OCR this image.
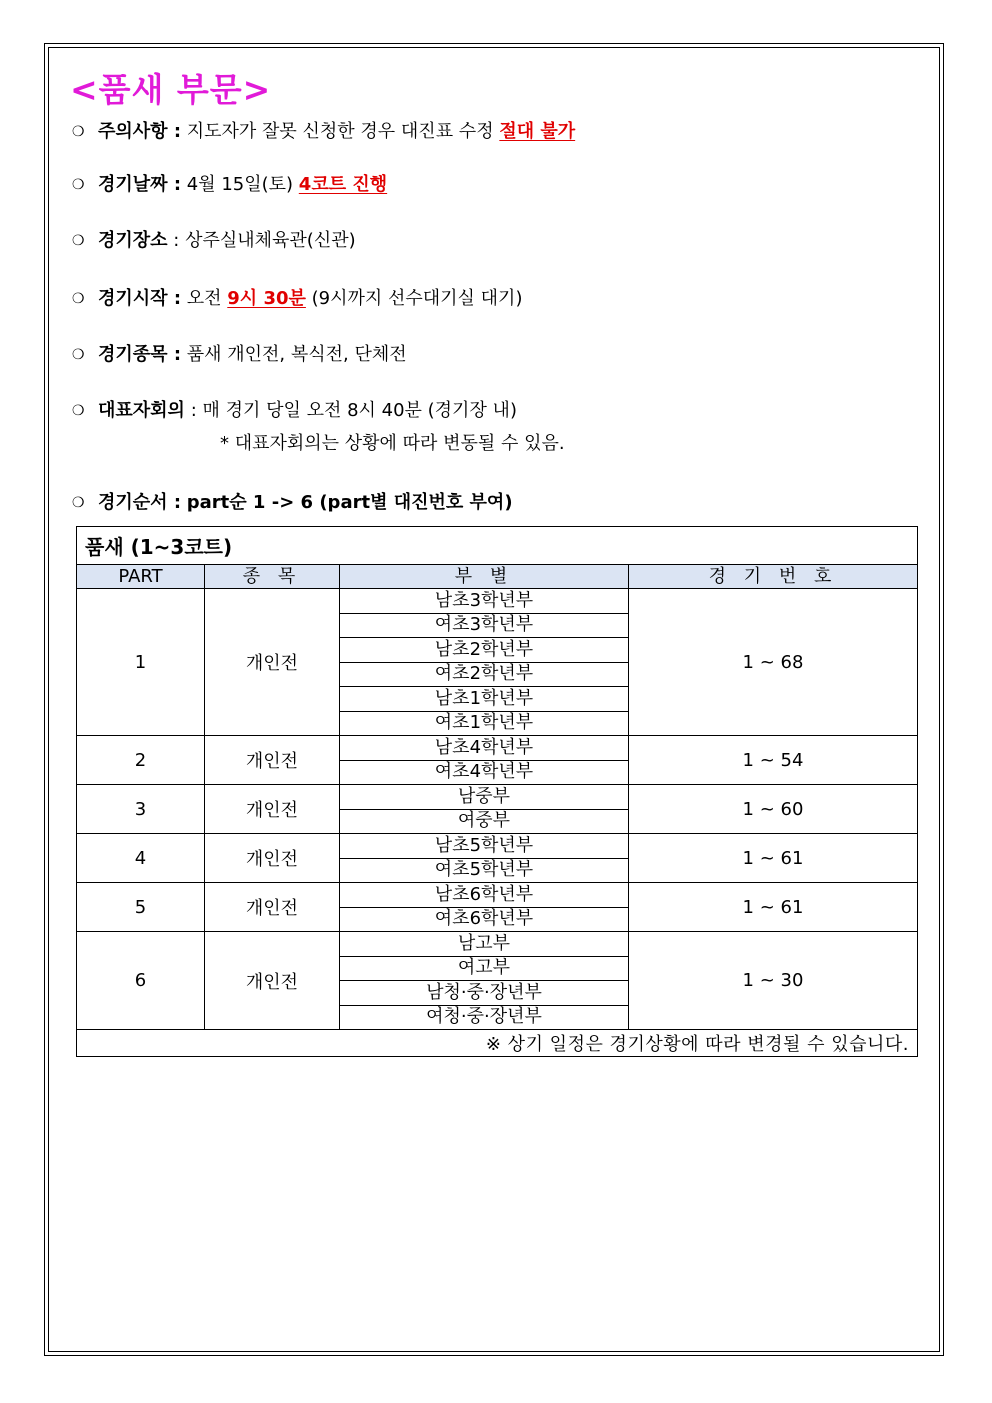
<품새 부문>
❍ 주의사항 : 지도자가 잘못 신청한 경우 대진표 수정 절대 불가
❍ 경기날짜 : 4월 15일(토) 4코트 진행
❍ 경기장소 : 상주실내체육관(신관)
❍ 경기시작 : 오전 9시 30분 (9시까지 선수대기실 대기)
❍ 경기종목 : 품새 개인전, 복식전, 단체전
❍ 대표자회의 : 매 경기 당일 오전 8시 40분 (경기장 내)
* 대표자회의는 상황에 따라 변동될 수 있음.
❍ 경기순서 : part순 1 -> 6 (part별 대진번호 부여)
품새 (1~3코트)			
PART	종 목	부 별	경 기 번 호
1	개인전	남초3학년부	1 ~ 68
		여초3학년부	
		남초2학년부	
		여초2학년부	
		남초1학년부	
		여초1학년부	
2	개인전	남초4학년부	1 ~ 54
		여초4학년부	
3	개인전	남중부	1 ~ 60
		여중부	
4	개인전	남초5학년부	1 ~ 61
		여초5학년부	
5	개인전	남초6학년부	1 ~ 61
		여초6학년부	
6	개인전	남고부	1 ~ 30
		여고부	
		남청·중·장년부	
		여청·중·장년부	
※ 상기 일정은 경기상황에 따라 변경될 수 있습니다.			
